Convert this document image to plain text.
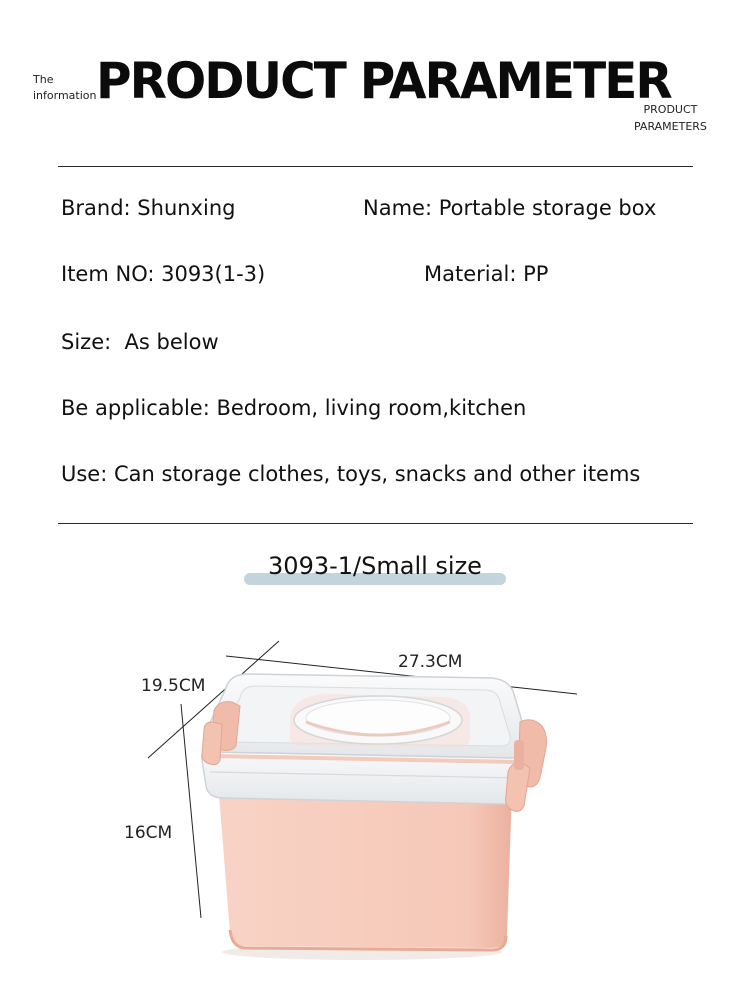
The
information PRODUCT PARAMETER
PRODUCT
PARAMETERS
Brand: Shunxing	Name: Portable storage box
Item NO: 3093(1-3)	Material: PP
Size:  As below
Be applicable: Bedroom, living room,kitchen
Use: Can storage clothes, toys, snacks and other items
3093-1/Small size
27.3CM
19.5CM
16CM
